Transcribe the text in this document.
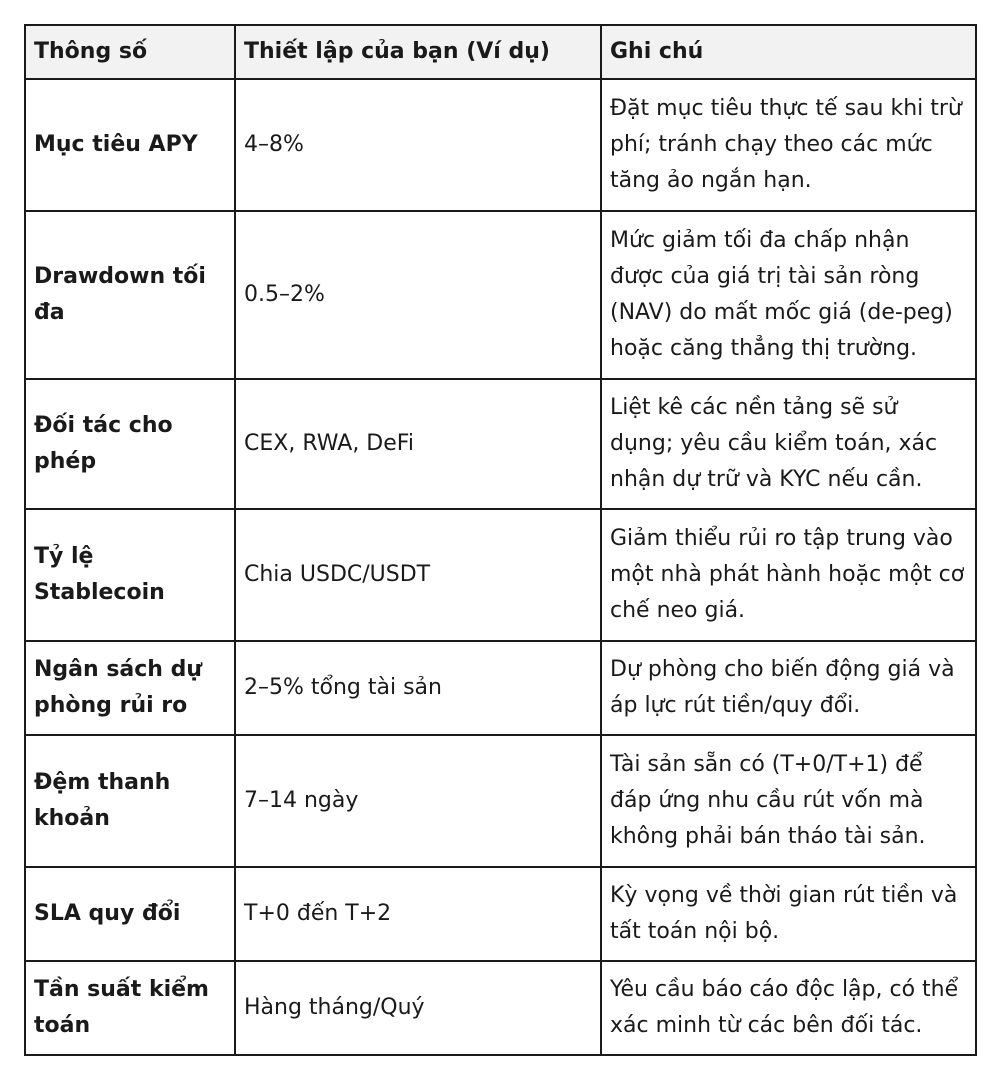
Thông số	Thiết lập của bạn (Ví dụ)	Ghi chú
Mục tiêu APY	4–8%	Đặt mục tiêu thực tế sau khi trừ phí; tránh chạy theo các mức tăng ảo ngắn hạn.
Drawdown tối đa	0.5–2%	Mức giảm tối đa chấp nhận được của giá trị tài sản ròng (NAV) do mất mốc giá (de-peg) hoặc căng thẳng thị trường.
Đối tác cho phép	CEX, RWA, DeFi	Liệt kê các nền tảng sẽ sử dụng; yêu cầu kiểm toán, xác nhận dự trữ và KYC nếu cần.
Tỷ lệ Stablecoin	Chia USDC/USDT	Giảm thiểu rủi ro tập trung vào một nhà phát hành hoặc một cơ chế neo giá.
Ngân sách dự phòng rủi ro	2–5% tổng tài sản	Dự phòng cho biến động giá và áp lực rút tiền/quy đổi.
Đệm thanh khoản	7–14 ngày	Tài sản sẵn có (T+0/T+1) để đáp ứng nhu cầu rút vốn mà không phải bán tháo tài sản.
SLA quy đổi	T+0 đến T+2	Kỳ vọng về thời gian rút tiền và tất toán nội bộ.
Tần suất kiểm toán	Hàng tháng/Quý	Yêu cầu báo cáo độc lập, có thể xác minh từ các bên đối tác.
